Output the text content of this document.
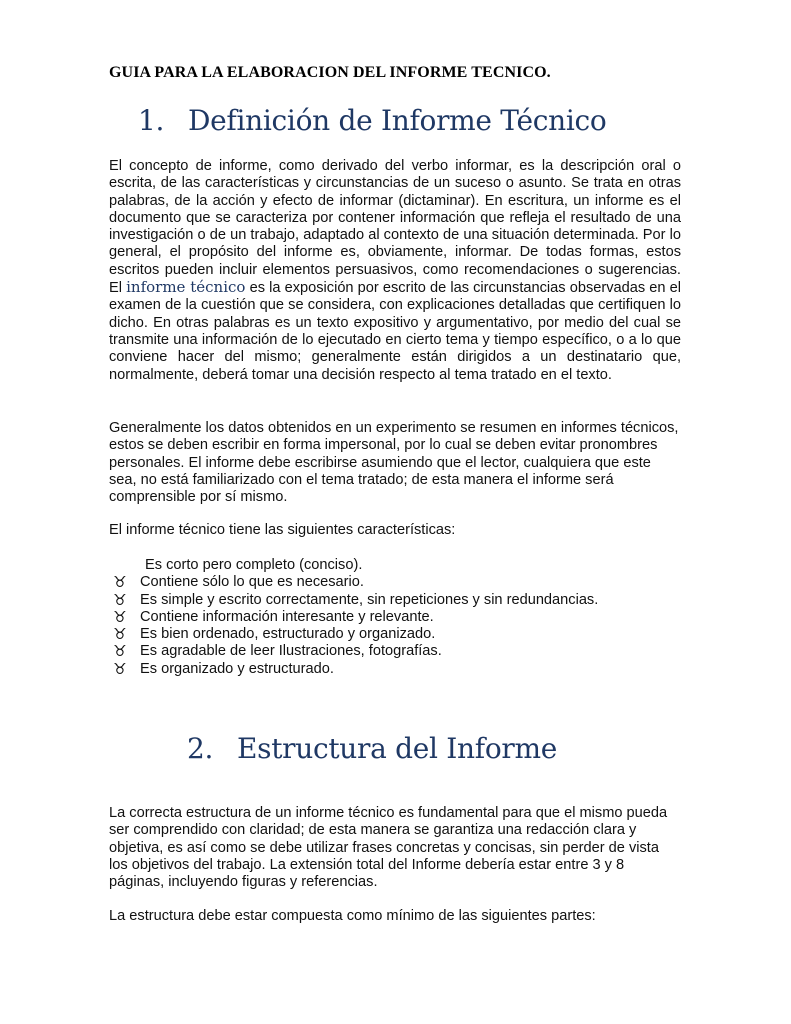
GUIA PARA LA ELABORACION DEL INFORME TECNICO.
1. Definición de Informe Técnico

El concepto de informe, como derivado del verbo informar, es la descripción oral o escrita, de las características y circunstancias de un suceso o asunto. Se trata en otras palabras, de la acción y efecto de informar (dictaminar). En escritura, un informe es el documento que se caracteriza por contener información que refleja el resultado de una investigación o de un trabajo, adaptado al contexto de una situación determinada. Por lo general, el propósito del informe es, obviamente, informar. De todas formas, estos escritos pueden incluir elementos persuasivos, como recomendaciones o sugerencias. El informe técnico es la exposición por escrito de las circunstancias observadas en el examen de la cuestión que se considera, con explicaciones detalladas que certifiquen lo dicho. En otras palabras es un texto expositivo y argumentativo, por medio del cual se transmite una información de lo ejecutado en cierto tema y tiempo específico, o a lo que conviene hacer del mismo; generalmente están dirigidos a un destinatario que, normalmente, deberá tomar una decisión respecto al tema tratado en el texto.

Generalmente los datos obtenidos en un experimento se resumen en informes técnicos, estos se deben escribir en forma impersonal, por lo cual se deben evitar pronombres personales. El informe debe escribirse asumiendo que el lector, cualquiera que este sea, no está familiarizado con el tema tratado; de esta manera el informe será comprensible por sí mismo.

El informe técnico tiene las siguientes características:

Es corto pero completo (conciso).
♉ Contiene sólo lo que es necesario.
♉ Es simple y escrito correctamente, sin repeticiones y sin redundancias.
♉ Contiene información interesante y relevante.
♉ Es bien ordenado, estructurado y organizado.
♉ Es agradable de leer Ilustraciones, fotografías.
♉ Es organizado y estructurado.
2. Estructura del Informe

La correcta estructura de un informe técnico es fundamental para que el mismo pueda ser comprendido con claridad; de esta manera se garantiza una redacción clara y objetiva, es así como se debe utilizar frases concretas y concisas, sin perder de vista los objetivos del trabajo. La extensión total del Informe debería estar entre 3 y 8 páginas, incluyendo figuras y referencias.

La estructura debe estar compuesta como mínimo de las siguientes partes:
